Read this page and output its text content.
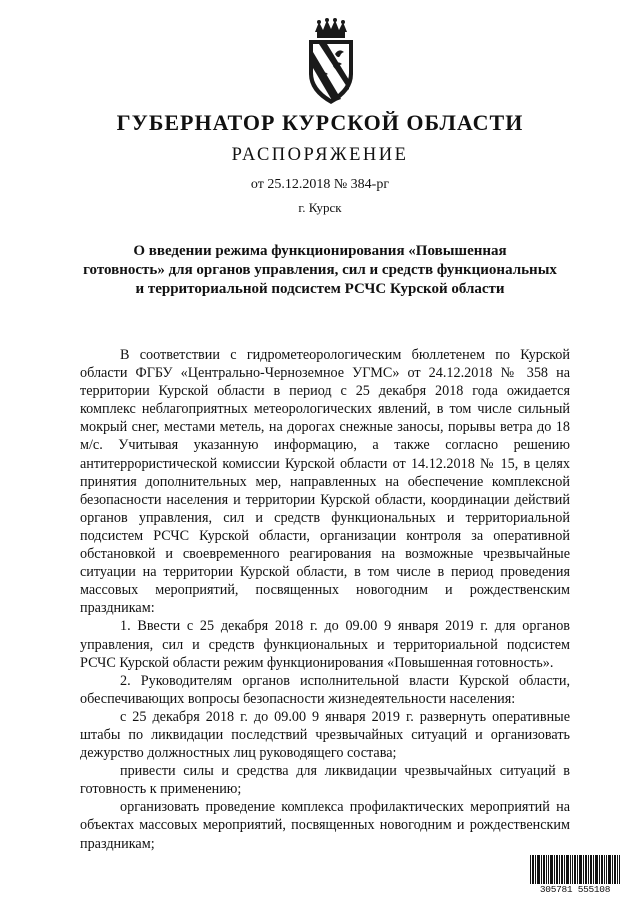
ГУБЕРНАТОР КУРСКОЙ ОБЛАСТИ
РАСПОРЯЖЕНИЕ
от 25.12.2018 № 384-рг
г. Курск
О введении режима функционирования «Повышенная
готовность» для органов управления, сил и средств функциональных
и территориальной подсистем РСЧС Курской области

В соответствии с гидрометеорологическим бюллетенем по Курской области ФГБУ «Центрально-Черноземное УГМС» от 24.12.2018 № 358 на территории Курской области в период с 25 декабря 2018 года ожидается комплекс неблагоприятных метеорологических явлений, в том числе сильный мокрый снег, местами метель, на дорогах снежные заносы, порывы ветра до 18 м/с. Учитывая указанную информацию, а также согласно решению антитеррористической комиссии Курской области от 14.12.2018 № 15, в целях принятия дополнительных мер, направленных на обеспечение комплексной безопасности населения и территории Курской области, координации действий органов управления, сил и средств функциональных и территориальной подсистем РСЧС Курской области, организации контроля за оперативной обстановкой и своевременного реагирования на возможные чрезвычайные ситуации на территории Курской области, в том числе в период проведения массовых мероприятий, посвященных новогодним и рождественским праздникам:

1. Ввести с 25 декабря 2018 г. до 09.00 9 января 2019 г. для органов управления, сил и средств функциональных и территориальной подсистем РСЧС Курской области режим функционирования «Повышенная готовность».

2. Руководителям органов исполнительной власти Курской области, обеспечивающих вопросы безопасности жизнедеятельности населения:

с 25 декабря 2018 г. до 09.00 9 января 2019 г. развернуть оперативные штабы по ликвидации последствий чрезвычайных ситуаций и организовать дежурство должностных лиц руководящего состава;

привести силы и средства для ликвидации чрезвычайных ситуаций в готовность к применению;

организовать проведение комплекса профилактических мероприятий на объектах массовых мероприятий, посвященных новогодним и рождественским праздникам;

305781 555108
